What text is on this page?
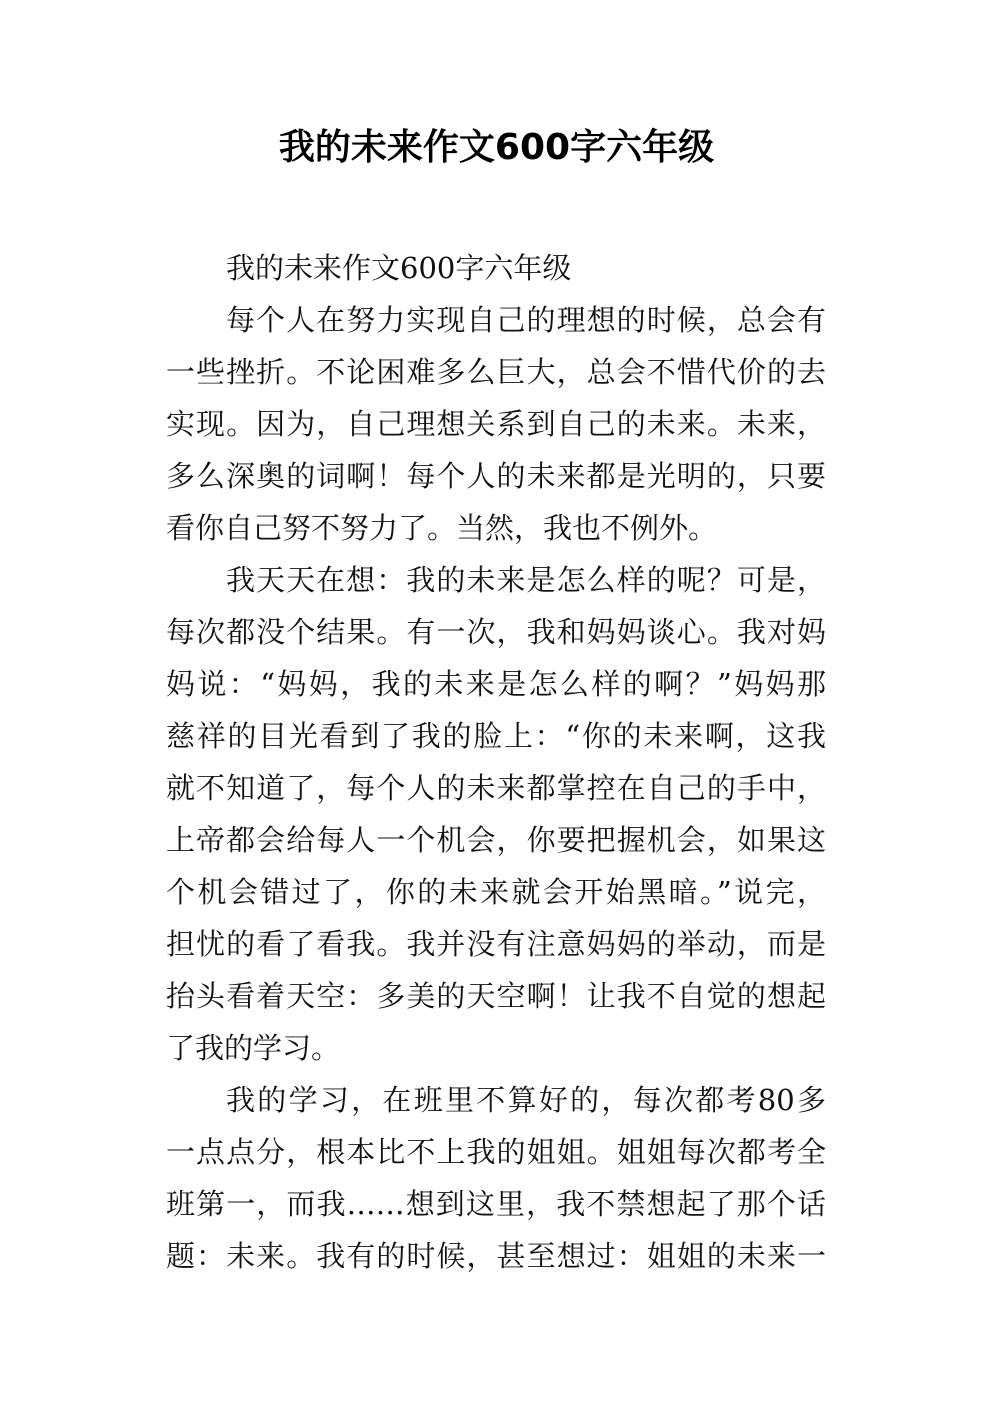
我的未来作文600字六年级
我的未来作文600字六年级
每个人在努力实现自己的理想的时候，总会有
一些挫折。不论困难多么巨大，总会不惜代价的去
实现。因为，自己理想关系到自己的未来。未来，
多么深奥的词啊！每个人的未来都是光明的，只要
看你自己努不努力了。当然，我也不例外。
我天天在想：我的未来是怎么样的呢？可是，
每次都没个结果。有一次，我和妈妈谈心。我对妈
妈说：“妈妈，我的未来是怎么样的啊？”妈妈那
慈祥的目光看到了我的脸上：“你的未来啊，这我
就不知道了，每个人的未来都掌控在自己的手中，
上帝都会给每人一个机会，你要把握机会，如果这
个机会错过了，你的未来就会开始黑暗。”说完，
担忧的看了看我。我并没有注意妈妈的举动，而是
抬头看着天空：多美的天空啊！让我不自觉的想起
了我的学习。
我的学习，在班里不算好的，每次都考80多
一点点分，根本比不上我的姐姐。姐姐每次都考全
班第一，而我……想到这里，我不禁想起了那个话
题：未来。我有的时候，甚至想过：姐姐的未来一
